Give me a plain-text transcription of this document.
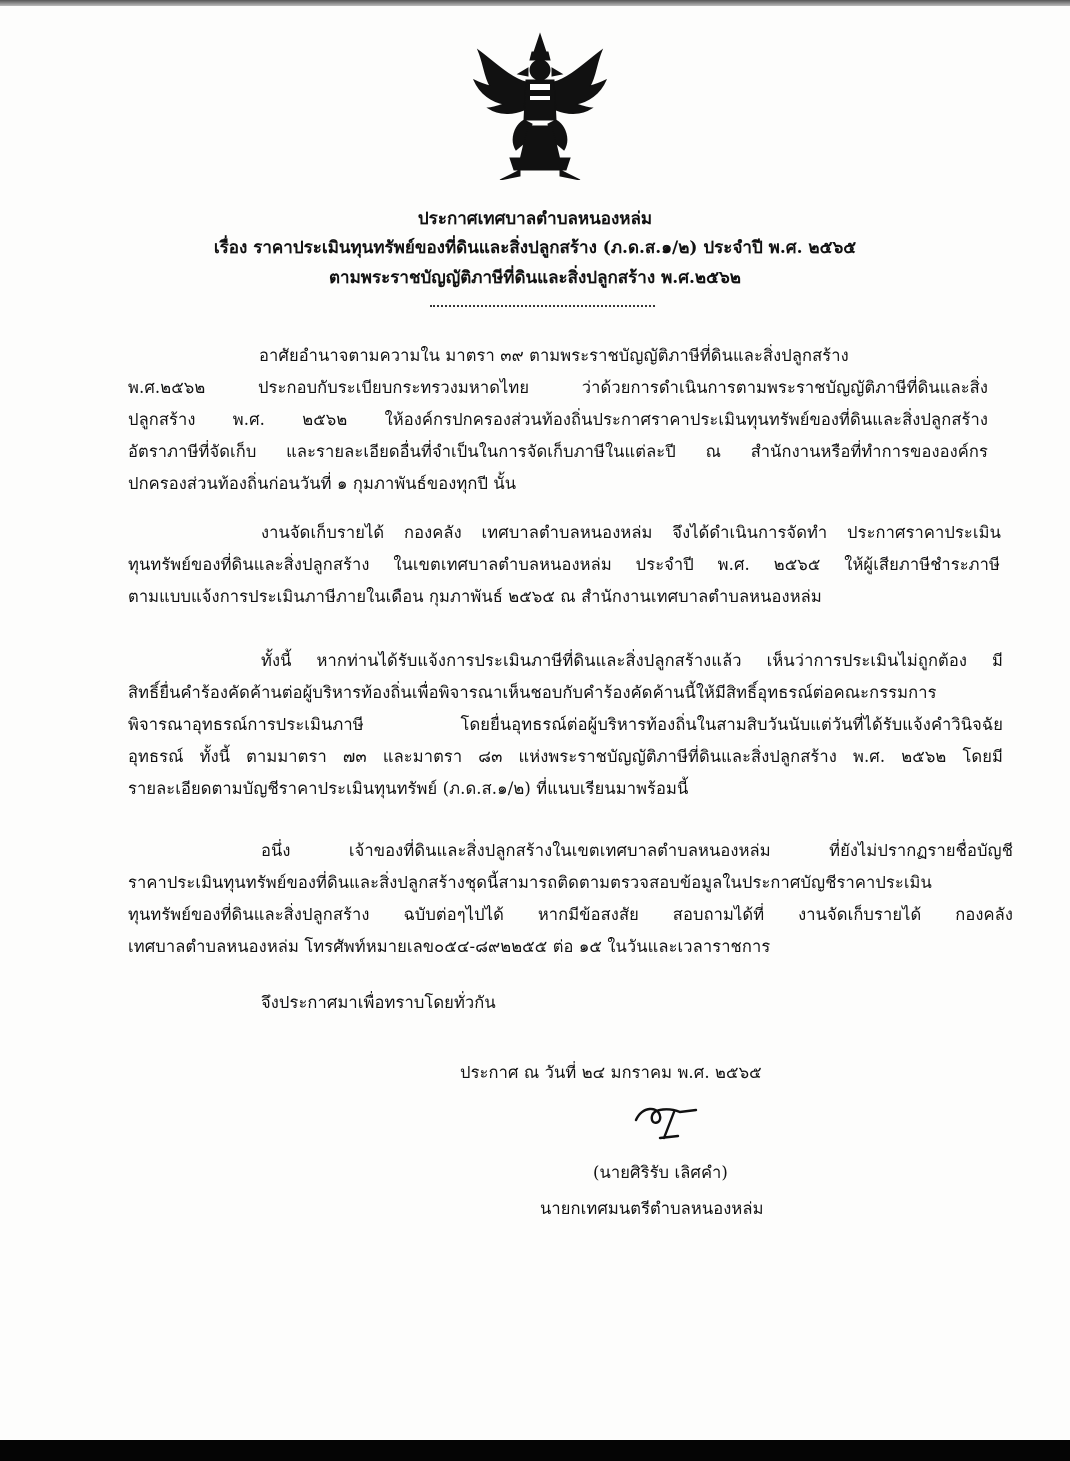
ประกาศเทศบาลตำบลหนองหล่ม
เรื่อง ราคาประเมินทุนทรัพย์ของที่ดินและสิ่งปลูกสร้าง (ภ.ด.ส.๑/๒) ประจำปี พ.ศ. ๒๕๖๕
ตามพระราชบัญญัติภาษีที่ดินและสิ่งปลูกสร้าง พ.ศ.๒๕๖๒
อาศัยอำนาจตามความใน มาตรา ๓๙ ตามพระราชบัญญัติภาษีที่ดินและสิ่งปลูกสร้าง
พ.ศ.๒๕๖๒ ประกอบกับระเบียบกระทรวงมหาดไทย ว่าด้วยการดำเนินการตามพระราชบัญญัติภาษีที่ดินและสิ่ง
ปลูกสร้าง พ.ศ. ๒๕๖๒ ให้องค์กรปกครองส่วนท้องถิ่นประกาศราคาประเมินทุนทรัพย์ของที่ดินและสิ่งปลูกสร้าง
อัตราภาษีที่จัดเก็บ และรายละเอียดอื่นที่จำเป็นในการจัดเก็บภาษีในแต่ละปี ณ สำนักงานหรือที่ทำการขององค์กร
ปกครองส่วนท้องถิ่นก่อนวันที่ ๑ กุมภาพันธ์ของทุกปี นั้น
งานจัดเก็บรายได้ กองคลัง เทศบาลตำบลหนองหล่ม จึงได้ดำเนินการจัดทำ ประกาศราคาประเมิน
ทุนทรัพย์ของที่ดินและสิ่งปลูกสร้าง ในเขตเทศบาลตำบลหนองหล่ม ประจำปี พ.ศ. ๒๕๖๕ ให้ผู้เสียภาษีชำระภาษี
ตามแบบแจ้งการประเมินภาษีภายในเดือน กุมภาพันธ์ ๒๕๖๕ ณ สำนักงานเทศบาลตำบลหนองหล่ม
ทั้งนี้ หากท่านได้รับแจ้งการประเมินภาษีที่ดินและสิ่งปลูกสร้างแล้ว เห็นว่าการประเมินไม่ถูกต้อง มี
สิทธิ์ยื่นคำร้องคัดค้านต่อผู้บริหารท้องถิ่นเพื่อพิจารณาเห็นชอบกับคำร้องคัดค้านนี้ให้มีสิทธิ์อุทธรณ์ต่อคณะกรรมการ
พิจารณาอุทธรณ์การประเมินภาษี โดยยื่นอุทธรณ์ต่อผู้บริหารท้องถิ่นในสามสิบวันนับแต่วันที่ได้รับแจ้งคำวินิจฉัย
อุทธรณ์ ทั้งนี้ ตามมาตรา ๗๓ และมาตรา ๘๓ แห่งพระราชบัญญัติภาษีที่ดินและสิ่งปลูกสร้าง พ.ศ. ๒๕๖๒ โดยมี
รายละเอียดตามบัญชีราคาประเมินทุนทรัพย์ (ภ.ด.ส.๑/๒) ที่แนบเรียนมาพร้อมนี้
อนึ่ง เจ้าของที่ดินและสิ่งปลูกสร้างในเขตเทศบาลตำบลหนองหล่ม ที่ยังไม่ปรากฏรายชื่อบัญชี
ราคาประเมินทุนทรัพย์ของที่ดินและสิ่งปลูกสร้างชุดนี้สามารถติดตามตรวจสอบข้อมูลในประกาศบัญชีราคาประเมิน
ทุนทรัพย์ของที่ดินและสิ่งปลูกสร้าง ฉบับต่อๆไปได้ หากมีข้อสงสัย สอบถามได้ที่ งานจัดเก็บรายได้ กองคลัง
เทศบาลตำบลหนองหล่ม โทรศัพท์หมายเลข๐๕๔-๘๙๒๒๕๕ ต่อ ๑๕ ในวันและเวลาราชการ
จึงประกาศมาเพื่อทราบโดยทั่วกัน
ประกาศ ณ วันที่ ๒๔ มกราคม พ.ศ. ๒๕๖๕
(นายศิริรับ เลิศคำ)
นายกเทศมนตรีตำบลหนองหล่ม
